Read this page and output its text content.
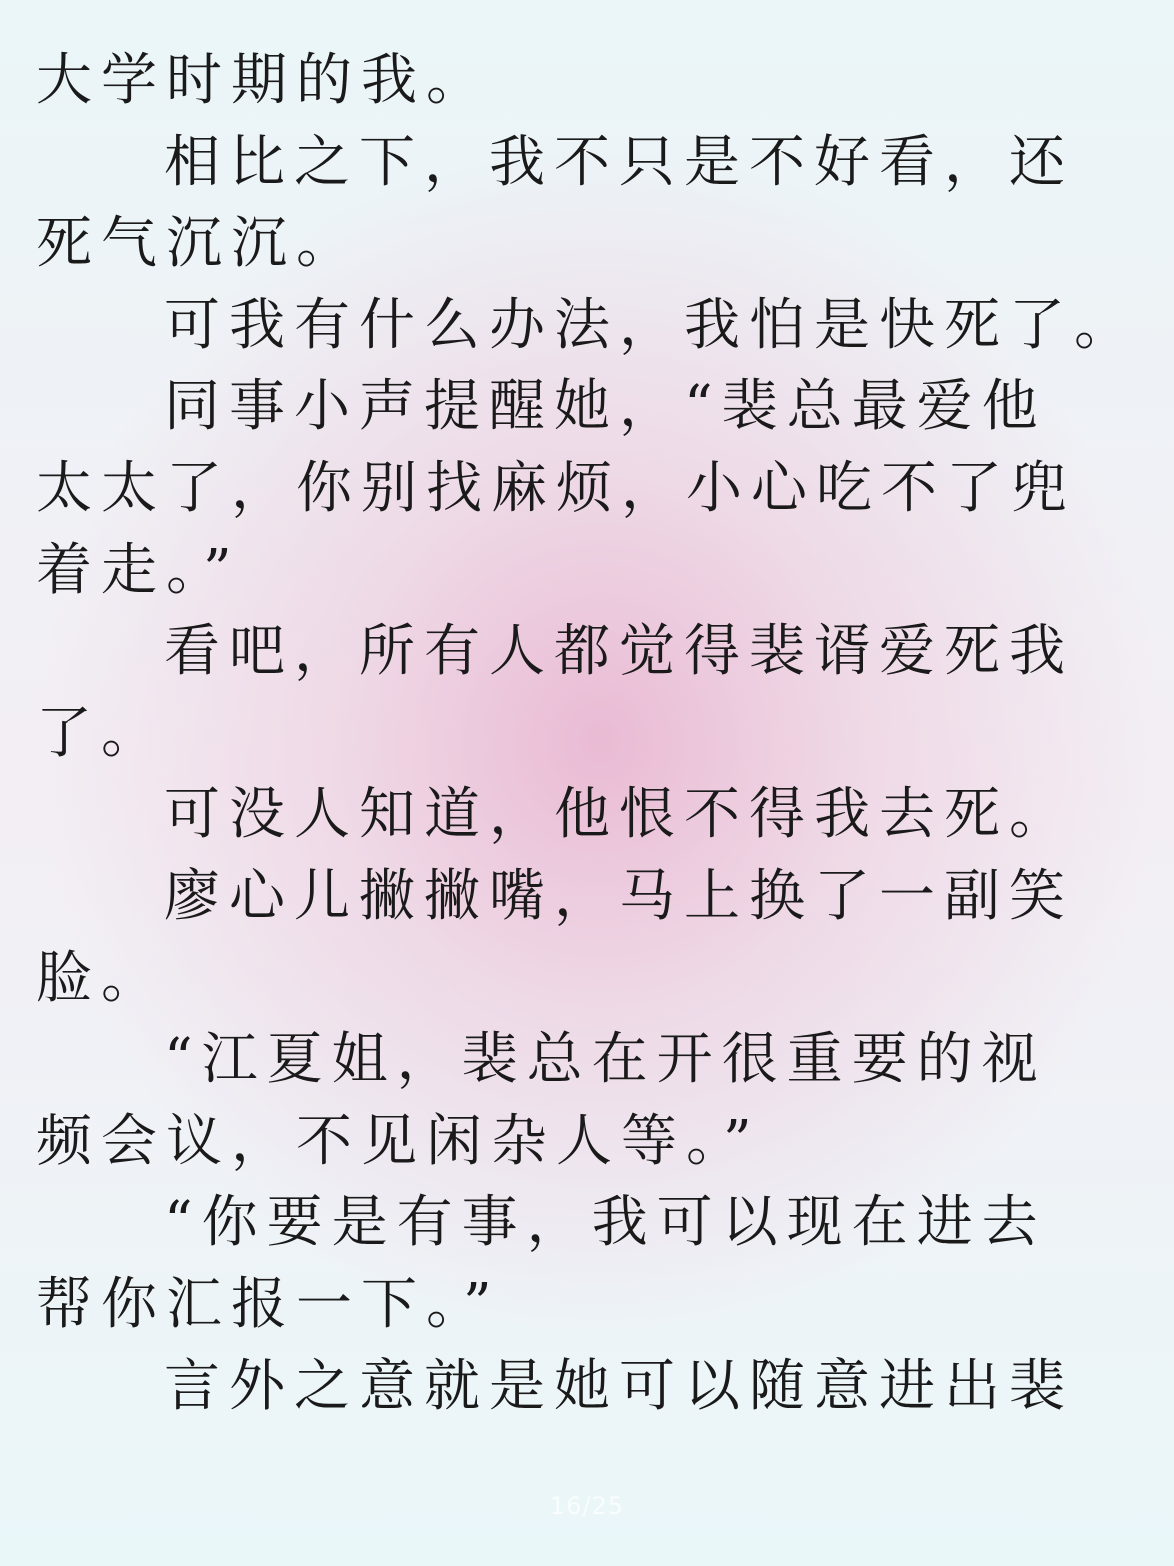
大学时期的我。
相比之下，我不只是不好看，还
死气沉沉。
可我有什么办法，我怕是快死了。
同事小声提醒她，“裴总最爱他
太太了，你别找麻烦，小心吃不了兜
着走。”
看吧，所有人都觉得裴谞爱死我
了。
可没人知道，他恨不得我去死。
廖心儿撇撇嘴，马上换了一副笑
脸。
“江夏姐，裴总在开很重要的视
频会议，不见闲杂人等。”
“你要是有事，我可以现在进去
帮你汇报一下。”
言外之意就是她可以随意进出裴
16/25
